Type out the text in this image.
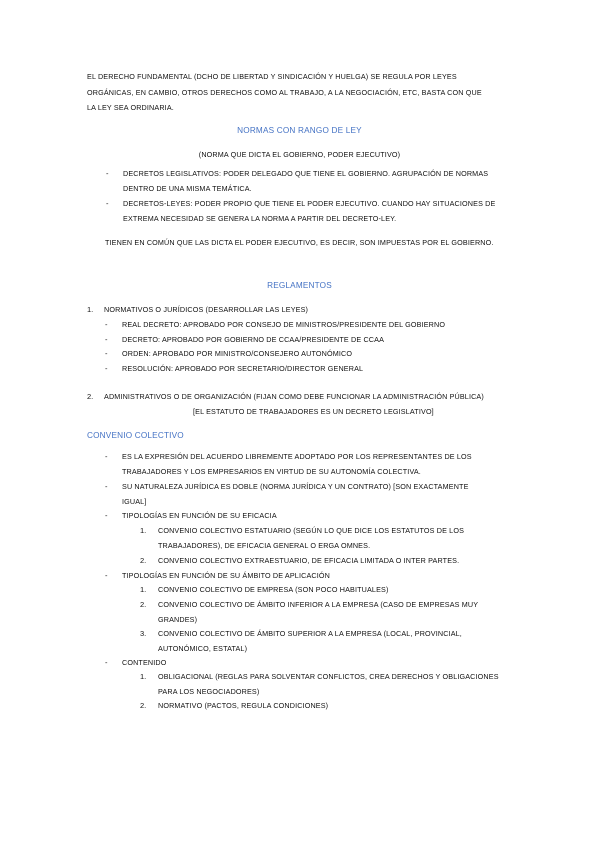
EL DERECHO FUNDAMENTAL (DCHO DE LIBERTAD Y SINDICACIÓN Y HUELGA) SE REGULA POR LEYES
ORGÁNICAS, EN CAMBIO, OTROS DERECHOS COMO AL TRABAJO, A LA NEGOCIACIÓN, ETC, BASTA CON QUE
LA LEY SEA ORDINARIA.
NORMAS CON RANGO DE LEY
(NORMA QUE DICTA EL GOBIERNO, PODER EJECUTIVO)
- DECRETOS LEGISLATIVOS: PODER DELEGADO QUE TIENE EL GOBIERNO. AGRUPACIÓN DE NORMAS
DENTRO DE UNA MISMA TEMÁTICA.
- DECRETOS-LEYES: PODER PROPIO QUE TIENE EL PODER EJECUTIVO. CUANDO HAY SITUACIONES DE
EXTREMA NECESIDAD SE GENERA LA NORMA A PARTIR DEL DECRETO-LEY.
TIENEN EN COMÚN QUE LAS DICTA EL PODER EJECUTIVO, ES DECIR, SON IMPUESTAS POR EL GOBIERNO.
REGLAMENTOS
1. NORMATIVOS O JURÍDICOS (DESARROLLAR LAS LEYES)
- REAL DECRETO: APROBADO POR CONSEJO DE MINISTROS/PRESIDENTE DEL GOBIERNO
- DECRETO: APROBADO POR GOBIERNO DE CCAA/PRESIDENTE DE CCAA
- ORDEN: APROBADO POR MINISTRO/CONSEJERO AUTONÓMICO
- RESOLUCIÓN: APROBADO POR SECRETARIO/DIRECTOR GENERAL
2. ADMINISTRATIVOS O DE ORGANIZACIÓN (FIJAN COMO DEBE FUNCIONAR LA ADMINISTRACIÓN PÚBLICA)
[EL ESTATUTO DE TRABAJADORES ES UN DECRETO LEGISLATIVO]
CONVENIO COLECTIVO
- ES LA EXPRESIÓN DEL ACUERDO LIBREMENTE ADOPTADO POR LOS REPRESENTANTES DE LOS
TRABAJADORES Y LOS EMPRESARIOS EN VIRTUD DE SU AUTONOMÍA COLECTIVA.
- SU NATURALEZA JURÍDICA ES DOBLE (NORMA JURÍDICA Y UN CONTRATO) [SON EXACTAMENTE
IGUAL]
- TIPOLOGÍAS EN FUNCIÓN DE SU EFICACIA
1. CONVENIO COLECTIVO ESTATUARIO (SEGÚN LO QUE DICE LOS ESTATUTOS DE LOS
TRABAJADORES), DE EFICACIA GENERAL O ERGA OMNES.
2. CONVENIO COLECTIVO EXTRAESTUARIO, DE EFICACIA LIMITADA O INTER PARTES.
- TIPOLOGÍAS EN FUNCIÓN DE SU ÁMBITO DE APLICACIÓN
1. CONVENIO COLECTIVO DE EMPRESA (SON POCO HABITUALES)
2. CONVENIO COLECTIVO DE ÁMBITO INFERIOR A LA EMPRESA (CASO DE EMPRESAS MUY
GRANDES)
3. CONVENIO COLECTIVO DE ÁMBITO SUPERIOR A LA EMPRESA (LOCAL, PROVINCIAL,
AUTONÓMICO, ESTATAL)
- CONTENIDO
1. OBLIGACIONAL (REGLAS PARA SOLVENTAR CONFLICTOS, CREA DERECHOS Y OBLIGACIONES
PARA LOS NEGOCIADORES)
2. NORMATIVO (PACTOS, REGULA CONDICIONES)
